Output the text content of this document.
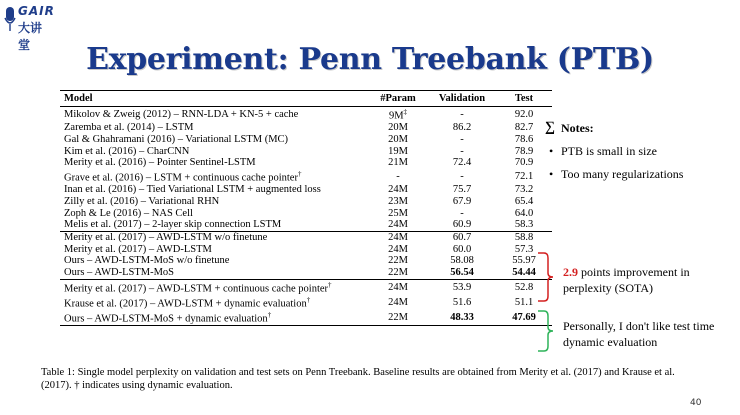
GAIR
大讲堂	Experiment: Penn Treebank (PTB)
Model	#Param	Validation	Test
Mikolov & Zweig (2012) – RNN-LDA + KN-5 + cache	9M‡	-	92.0
Zaremba et al. (2014) – LSTM	20M	86.2	82.7
Gal & Ghahramani (2016) – Variational LSTM (MC)	20M	-	78.6
Kim et al. (2016) – CharCNN	19M	-	78.9
Merity et al. (2016) – Pointer Sentinel-LSTM	21M	72.4	70.9
Grave et al. (2016) – LSTM + continuous cache pointer†	-	-	72.1
Inan et al. (2016) – Tied Variational LSTM + augmented loss	24M	75.7	73.2
Zilly et al. (2016) – Variational RHN	23M	67.9	65.4
Zoph & Le (2016) – NAS Cell	25M	-	64.0
Melis et al. (2017) – 2-layer skip connection LSTM	24M	60.9	58.3
Merity et al. (2017) – AWD-LSTM w/o finetune	24M	60.7	58.8
Merity et al. (2017) – AWD-LSTM	24M	60.0	57.3
Ours – AWD-LSTM-MoS w/o finetune	22M	58.08	55.97
Ours – AWD-LSTM-MoS	22M	56.54	54.44
Merity et al. (2017) – AWD-LSTM + continuous cache pointer†	24M	53.9	52.8
Krause et al. (2017) – AWD-LSTM + dynamic evaluation†	24M	51.6	51.1
Ours – AWD-LSTM-MoS + dynamic evaluation†	22M	48.33	47.69
∑ Notes:
• PTB is small in size
• Too many regularizations
2.9 points improvement in perplexity (SOTA)
Personally, I don't like test time dynamic evaluation
Table 1: Single model perplexity on validation and test sets on Penn Treebank. Baseline results are obtained from Merity et al. (2017) and Krause et al. (2017). † indicates using dynamic evaluation.
40
